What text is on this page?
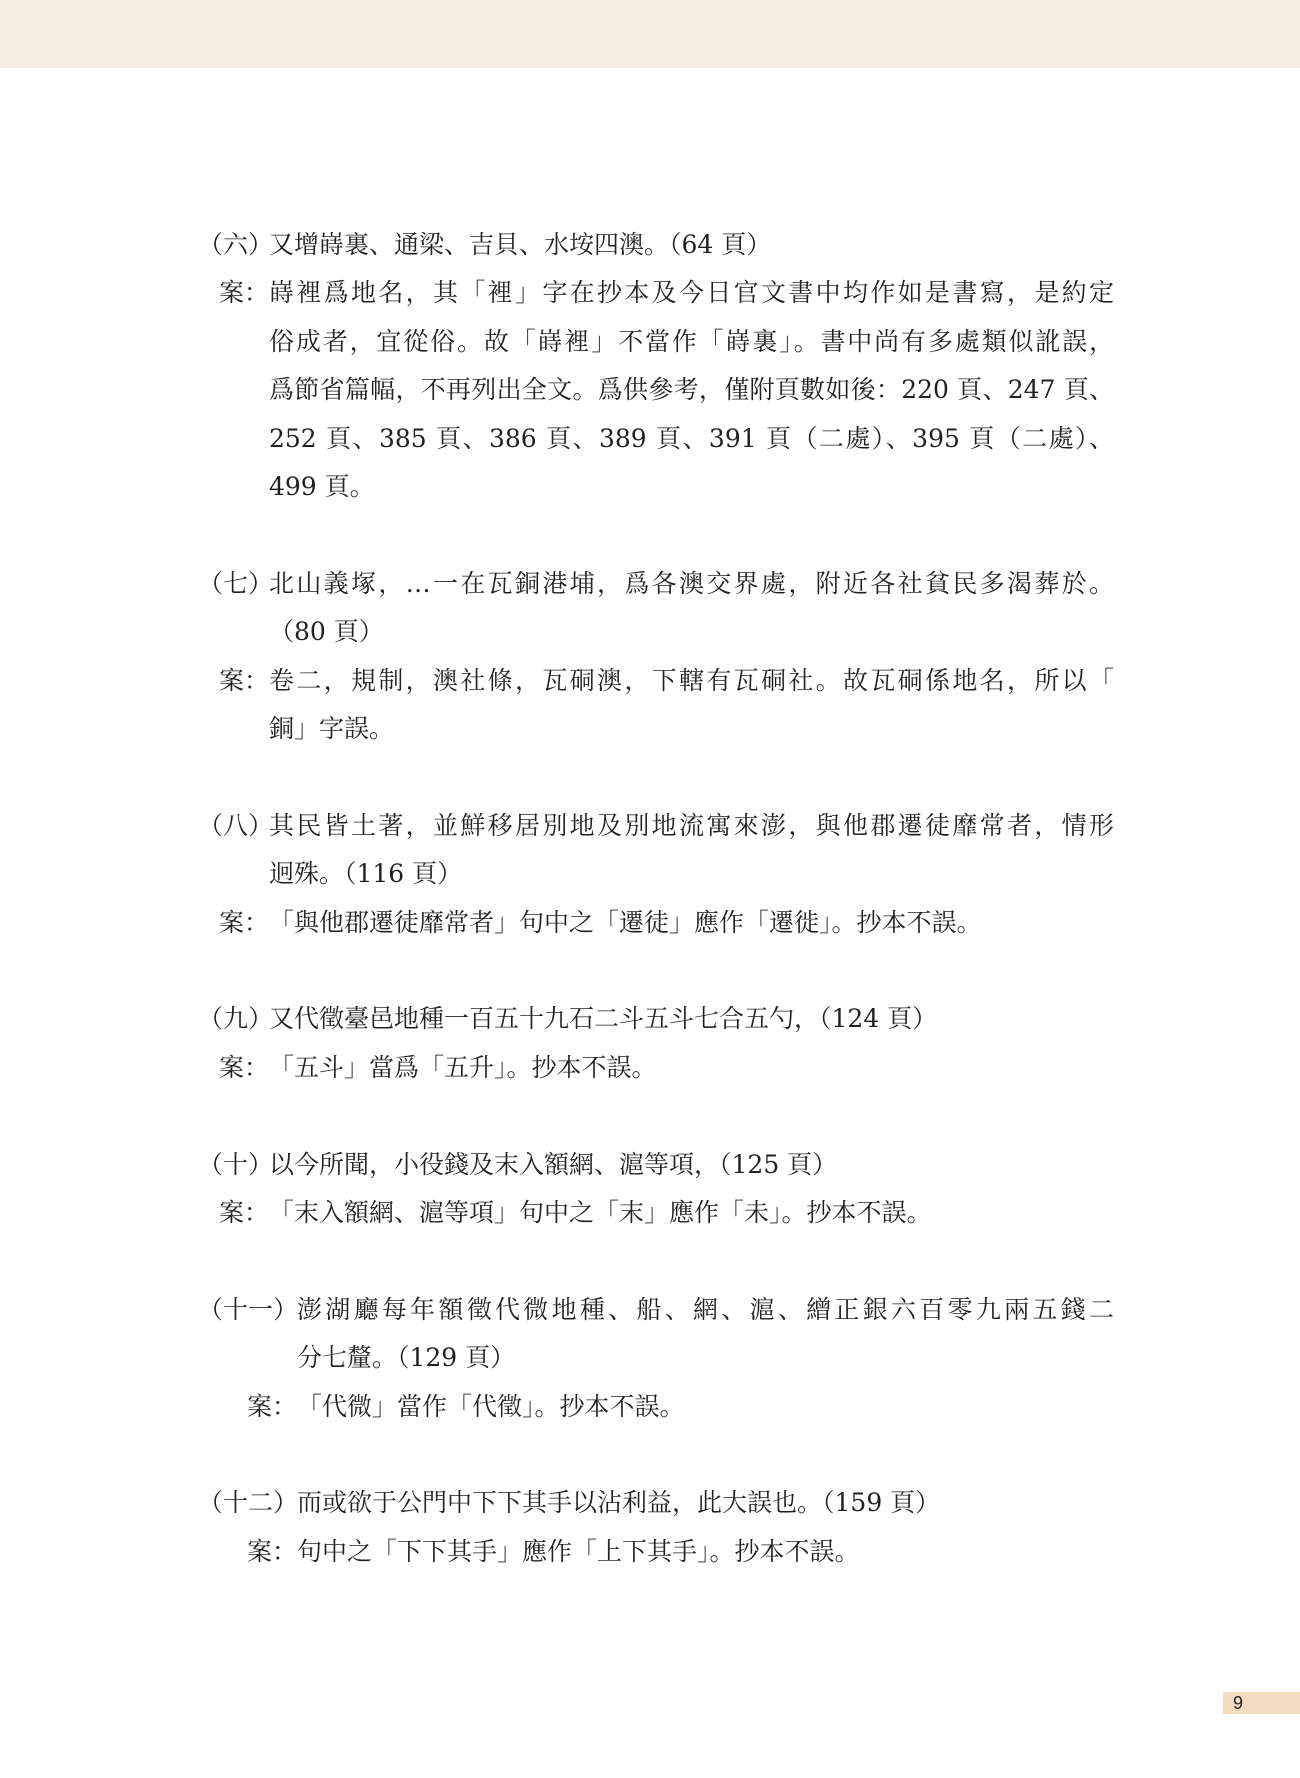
（六）
又增嵵裏、通梁、吉貝、水垵四澳。（64 頁）
案： 嵵裡爲地名，其「裡」字在抄本及今日官文書中均作如是書寫，是約定
俗成者，宜從俗。故「嵵裡」不當作「嵵裏」。書中尚有多處類似訛誤，
爲節省篇幅，不再列出全文。爲供參考，僅附頁數如後：220 頁、247 頁、
252 頁、385 頁、386 頁、389 頁、391 頁（二處）、395 頁（二處）、
499 頁。
（七）
北山義塚，…一在瓦銅港埔，爲各澳交界處，附近各社貧民多渴葬於。
（80 頁）
案： 卷二，規制，澳社條，瓦硐澳，下轄有瓦硐社。故瓦硐係地名，所以「
銅」字誤。
（八）
其民皆土著，並鮮移居別地及別地流寓來澎，與他郡遷徒靡常者，情形
迥殊。（116 頁）
案： 「與他郡遷徒靡常者」句中之「遷徒」應作「遷徙」。抄本不誤。
（九）
又代徵臺邑地種一百五十九石二斗五斗七合五勺，（124 頁）
案： 「五斗」當爲「五升」。抄本不誤。
（十）
以今所聞，小役錢及末入額網、滬等項，（125 頁）
案： 「末入額網、滬等項」句中之「末」應作「未」。抄本不誤。
（十一）
澎湖廳每年額徵代微地種、船、網、滬、繒正銀六百零九兩五錢二
分七釐。（129 頁）
案： 「代微」當作「代徵」。抄本不誤。
（十二）
而或欲于公門中下下其手以沾利益，此大誤也。（159 頁）
案： 句中之「下下其手」應作「上下其手」。抄本不誤。
9
